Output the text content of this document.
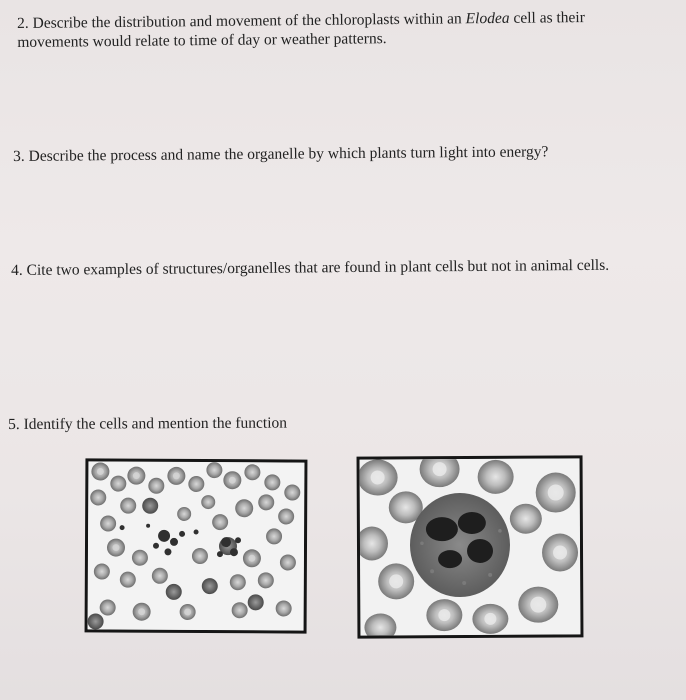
2. Describe the distribution and movement of the chloroplasts within an Elodea cell as their movements would relate to time of day or weather patterns.

3. Describe the process and name the organelle by which plants turn light into energy?

4. Cite two examples of structures/organelles that are found in plant cells but not in animal cells.

5. Identify the cells and mention the function
